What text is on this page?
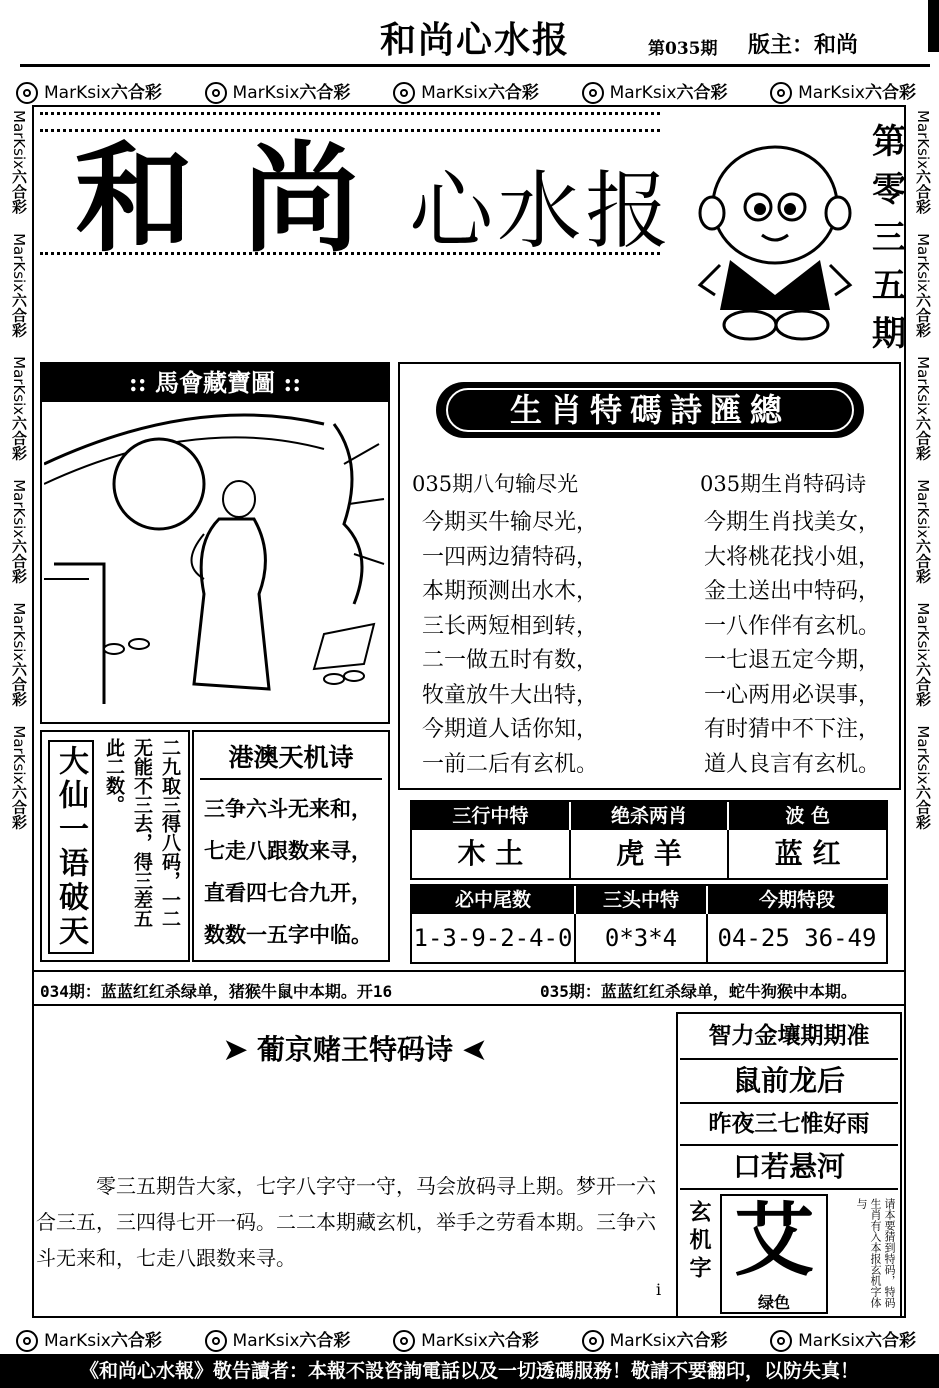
和尚心水报	第035期 版主：和尚
MarKsix六合彩	MarKsix六合彩	MarKsix六合彩	MarKsix六合彩	MarKsix六合彩
MarKsix六合彩    MarKsix六合彩    MarKsix六合彩    MarKsix六合彩    MarKsix六合彩    MarKsix六合彩
MarKsix六合彩    MarKsix六合彩    MarKsix六合彩    MarKsix六合彩    MarKsix六合彩    MarKsix六合彩
和 尚 心水报
第
零
三
五
期
:: 馬會藏寶圖 ::
生肖特碼詩匯總
035期八句输尽光
今期买牛输尽光，
一四两边猜特码，
本期预测出水木，
三长两短相到转，
二一做五时有数，
牧童放牛大出特，
今期道人话你知，
一前二后有玄机。
035期生肖特码诗
今期生肖找美女，
大将桃花找小姐，
金土送出中特码，
一八作伴有玄机。
一七退五定今期，
一心两用必误事，
有时猜中不下注，
道人良言有玄机。
大仙一语破天	二九取三得八码，一二
无能不三去，得三差五
此二数。	港澳天机诗
三争六斗无来和，
七走八跟数来寻，
直看四七合九开，
数数一五字中临。
三行中特	绝杀两肖	波 色
木 土	虎 羊	蓝 红
必中尾数	三头中特	今期特段
1-3-9-2-4-0	0*3*4	04-25 36-49
034期：蓝蓝红红杀绿单，猪猴牛鼠中本期。开16	035期：蓝蓝红红杀绿单，蛇牛狗猴中本期。
➤ 葡京赌王特码诗 ➤
零三五期告大家，七字八字守一守，马会放码寻上期。梦开一六合三五，三四得七开一码。二二本期藏玄机，举手之劳看本期。三争六斗无来和，七走八跟数来寻。
i
智力金壤期期准
鼠前龙后
昨夜三七惟好雨
口若悬河
玄机字 艾
绿色	请本要猜到特码，特码生肖有入本报玄机字体与
MarKsix六合彩	MarKsix六合彩	MarKsix六合彩	MarKsix六合彩	MarKsix六合彩
《和尚心水報》敬告讀者：本報不設咨詢電話以及一切透碼服務！敬請不要翻印，以防失真！
